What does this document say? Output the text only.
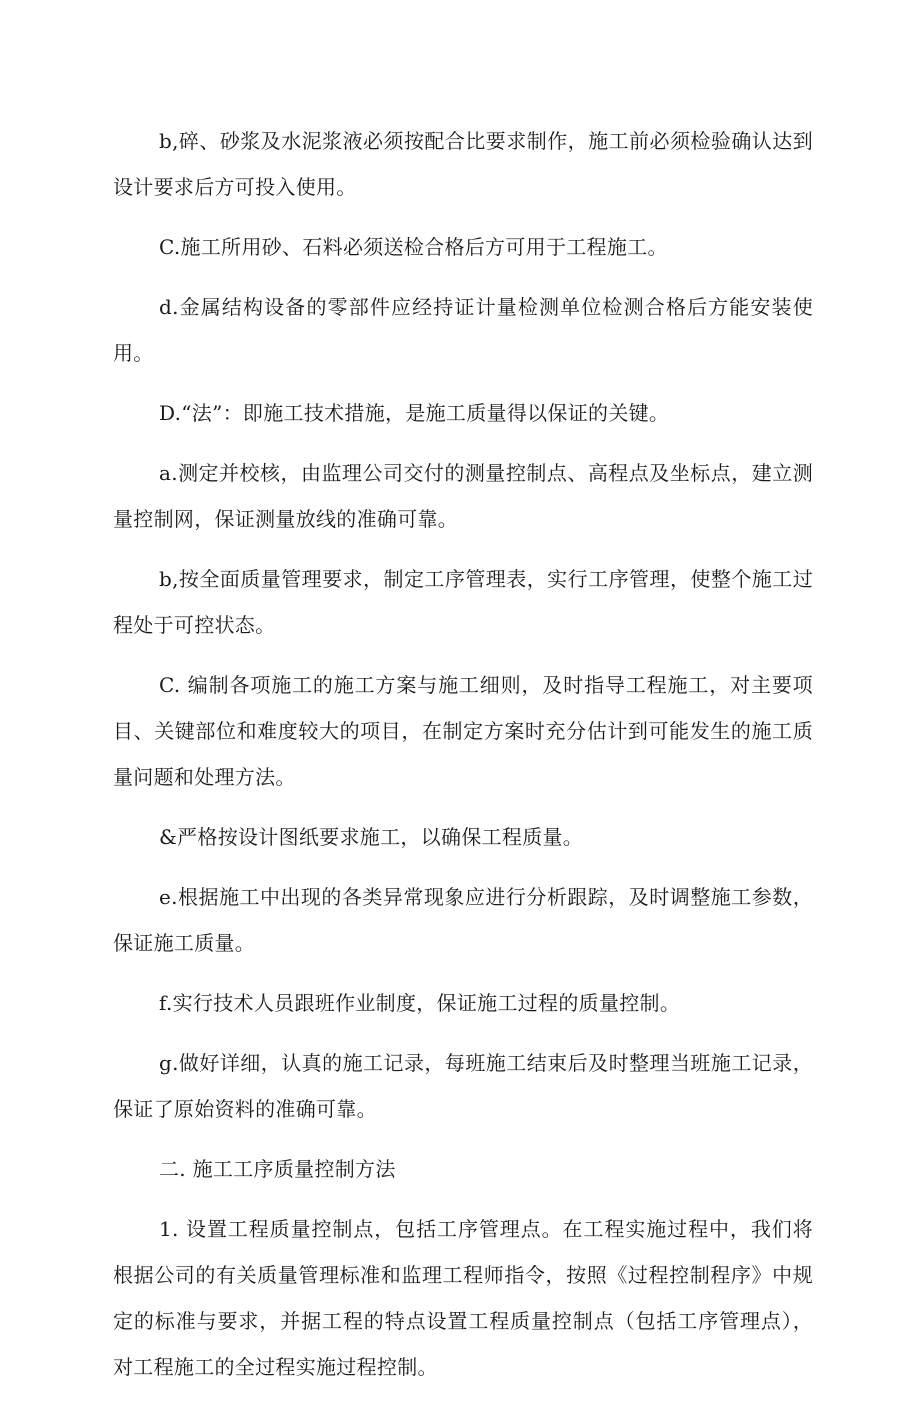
b,碎、砂浆及水泥浆液必须按配合比要求制作，施工前必须检验确认达到设计要求后方可投入使用。

C.施工所用砂、石料必须送检合格后方可用于工程施工。

d.金属结构设备的零部件应经持证计量检测单位检测合格后方能安装使用。

D.“法”：即施工技术措施，是施工质量得以保证的关键。

a.测定并校核，由监理公司交付的测量控制点、高程点及坐标点，建立测量控制网，保证测量放线的准确可靠。

b,按全面质量管理要求，制定工序管理表，实行工序管理，使整个施工过程处于可控状态。

C. 编制各项施工的施工方案与施工细则，及时指导工程施工，对主要项目、关键部位和难度较大的项目，在制定方案时充分估计到可能发生的施工质量问题和处理方法。

&严格按设计图纸要求施工，以确保工程质量。

e.根据施工中出现的各类异常现象应进行分析跟踪，及时调整施工参数，保证施工质量。

f.实行技术人员跟班作业制度，保证施工过程的质量控制。

g.做好详细，认真的施工记录，每班施工结束后及时整理当班施工记录，保证了原始资料的准确可靠。

二. 施工工序质量控制方法

1. 设置工程质量控制点，包括工序管理点。在工程实施过程中，我们将根据公司的有关质量管理标准和监理工程师指令，按照《过程控制程序》中规定的标准与要求，并据工程的特点设置工程质量控制点（包括工序管理点），对工程施工的全过程实施过程控制。
